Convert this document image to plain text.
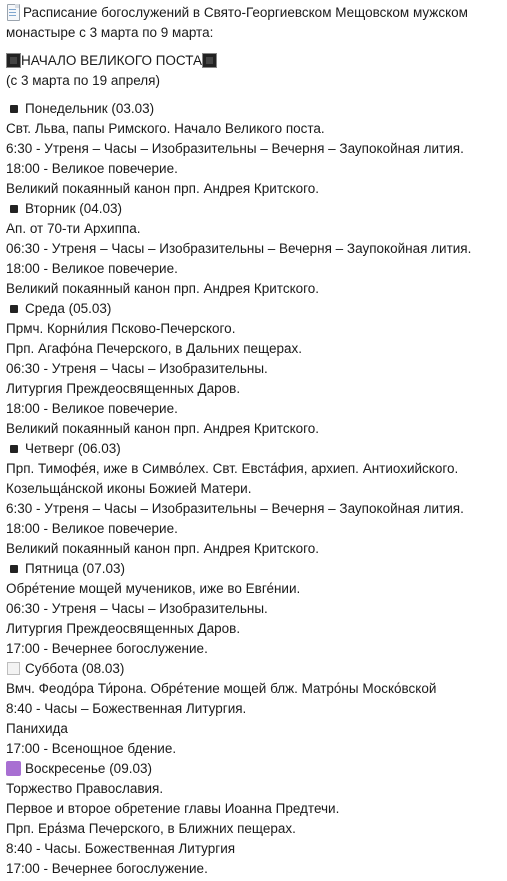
Расписание богослужений в Свято-Георгиевском Мещовском мужском монастыре с 3 марта по 9 марта:
НАЧАЛО ВЕЛИКОГО ПОСТА
(с 3 марта по 19 апреля)
Понедельник (03.03)
Свт. Льва, папы Римского. Начало Великого поста.
6:30 - Утреня – Часы – Изобразительны – Вечерня – Заупокойная лития.
18:00 - Великое повечерие.
Великий покаянный канон прп. Андрея Критского.
Вторник (04.03)
Ап. от 70-ти Архиппа.
06:30 - Утреня – Часы – Изобразительны – Вечерня – Заупокойная лития.
18:00 - Великое повечерие.
Великий покаянный канон прп. Андрея Критского.
Среда (05.03)
Прмч. Корни́лия Псково-Печерского.
Прп. Агафо́на Печерского, в Дальних пещерах.
06:30 - Утреня – Часы – Изобразительны.
Литургия Преждеосвященных Даров.
18:00 - Великое повечерие.
Великий покаянный канон прп. Андрея Критского.
Четверг (06.03)
Прп. Тимофе́я, иже в Симво́лех. Свт. Евста́фия, архиеп. Антиохийского.
Козельща́нской иконы Божией Матери.
6:30 - Утреня – Часы – Изобразительны – Вечерня – Заупокойная лития.
18:00 - Великое повечерие.
Великий покаянный канон прп. Андрея Критского.
Пятница (07.03)
Обре́тение мощей мучеников, иже во Евге́нии.
06:30 - Утреня – Часы – Изобразительны.
Литургия Преждеосвященных Даров.
17:00 - Вечернее богослужение.
Суббота (08.03)
Вмч. Феодо́ра Ти́рона. Обре́тение мощей блж. Матро́ны Моско́вской
8:40 - Часы – Божественная Литургия.
Панихида
17:00 - Всенощное бдение.
Воскресенье (09.03)
Торжество Православия.
Первое и второе обретение главы Иоанна Предтечи.
Прп. Ера́зма Печерского, в Ближних пещерах.
8:40 - Часы. Божественная Литургия
17:00 - Вечернее богослужение.
